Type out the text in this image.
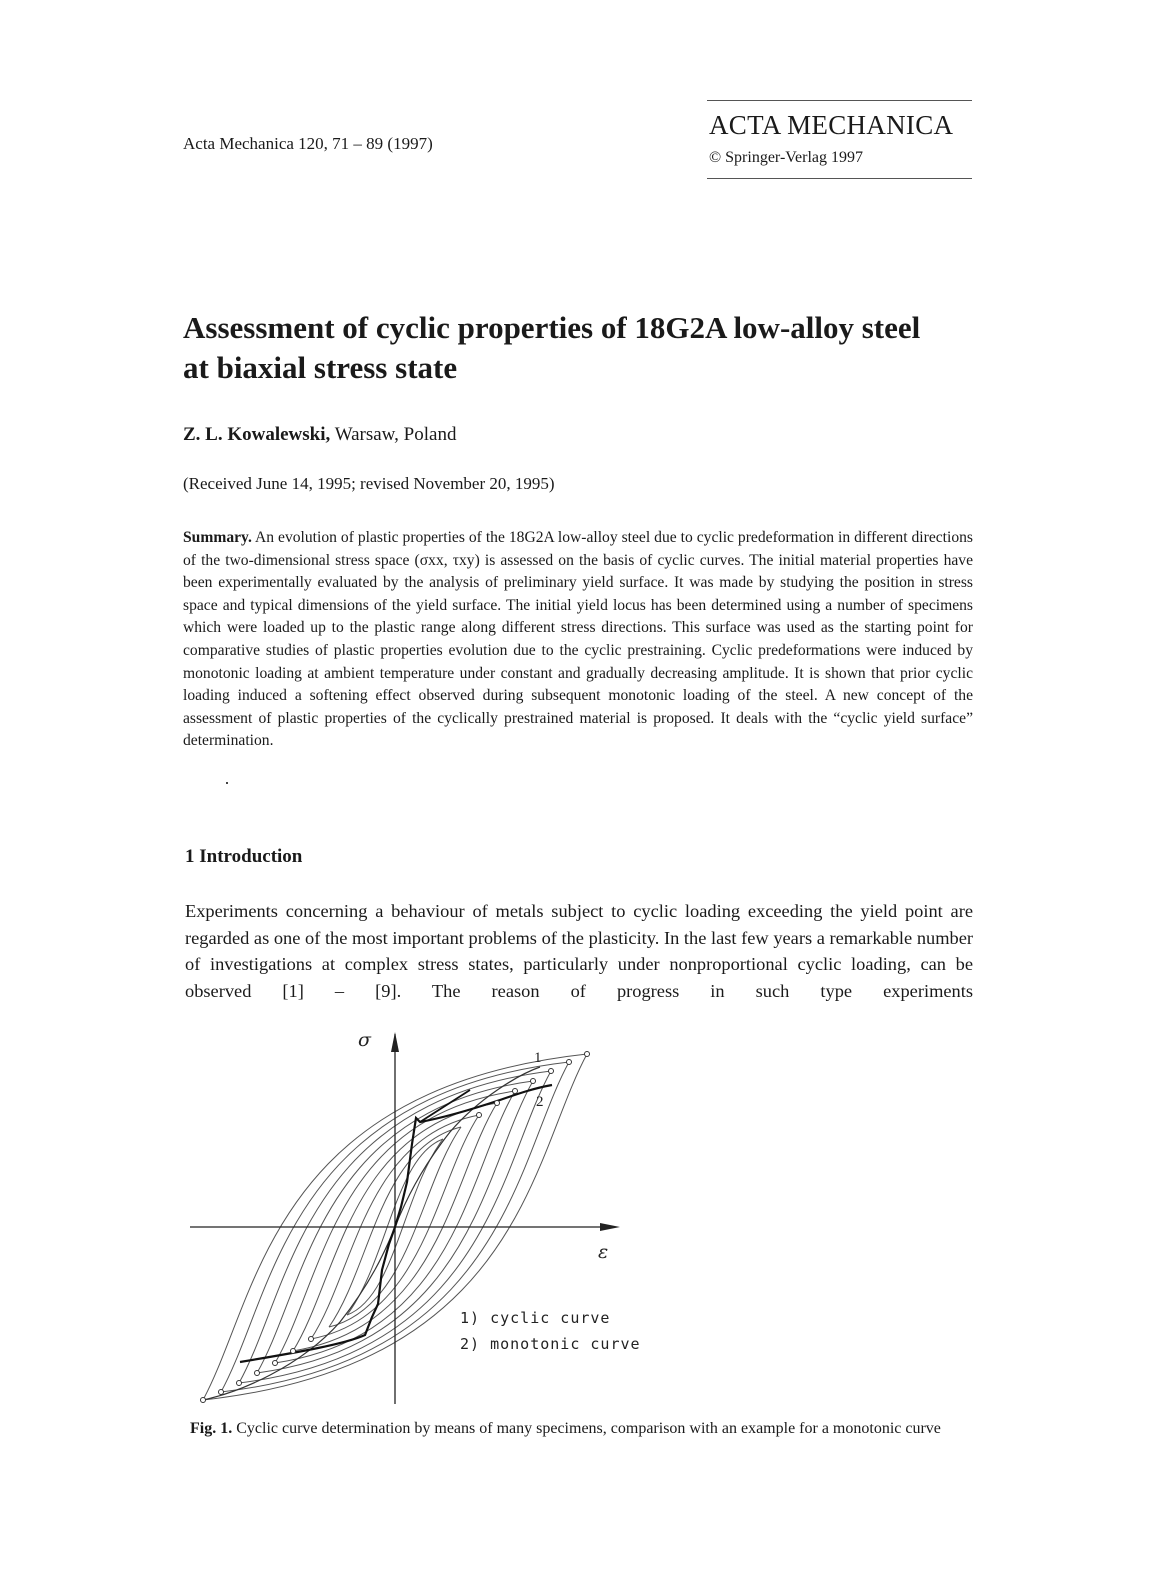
Acta Mechanica 120, 71 – 89 (1997)
ACTA MECHANICA
© Springer-Verlag 1997
Assessment of cyclic properties of 18G2A low-alloy steel
at biaxial stress state
Z. L. Kowalewski, Warsaw, Poland
(Received June 14, 1995; revised November 20, 1995)

Summary. An evolution of plastic properties of the 18G2A low-alloy steel due to cyclic predeformation in different directions of the two-dimensional stress space (σxx, τxy) is assessed on the basis of cyclic curves. The initial material properties have been experimentally evaluated by the analysis of preliminary yield surface. It was made by studying the position in stress space and typical dimensions of the yield surface. The initial yield locus has been determined using a number of specimens which were loaded up to the plastic range along different stress directions. This surface was used as the starting point for comparative studies of plastic properties evolution due to the cyclic prestraining. Cyclic predeformations were induced by monotonic loading at ambient temperature under constant and gradually decreasing amplitude. It is shown that prior cyclic loading induced a softening effect observed during subsequent monotonic loading of the steel. A new concept of the assessment of plastic properties of the cyclically prestrained material is proposed. It deals with the “cyclic yield surface” determination.

1 Introduction

Experiments concerning a behaviour of metals subject to cyclic loading exceeding the yield point are regarded as one of the most important problems of the plasticity. In the last few years a remarkable number of investigations at complex stress states, particularly under nonproportional cyclic loading, can be observed [1] – [9]. The reason of progress in such type experiments

σ
ε
1
2
1) cyclic curve
2) monotonic curve

Fig. 1. Cyclic curve determination by means of many specimens, comparison with an example for a monotonic curve
